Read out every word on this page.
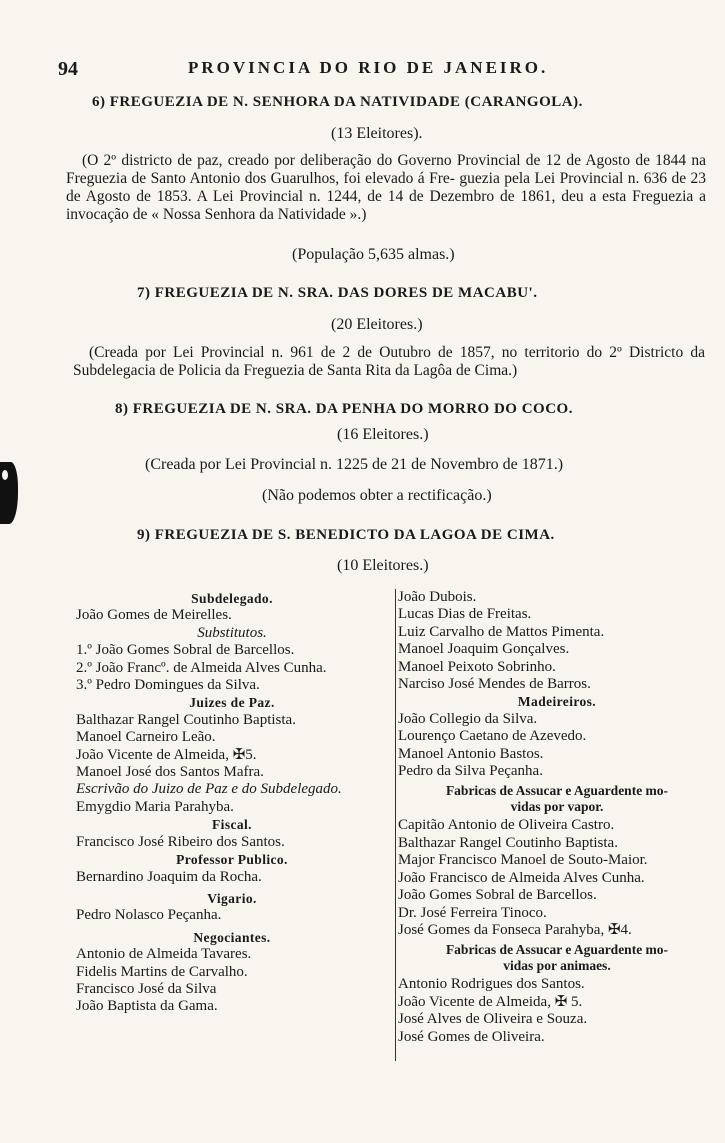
94	PROVINCIA DO RIO DE JANEIRO.
6) FREGUEZIA DE N. SENHORA DA NATIVIDADE (CARANGOLA).
(13 Eleitores).
(O 2º districto de paz, creado por deliberação do Governo Provincial de 12 de Agosto de 1844 na Freguezia de Santo Antonio dos Guarulhos, foi elevado á Fre- guezia pela Lei Provincial n. 636 de 23 de Agosto de 1853. A Lei Provincial n. 1244, de 14 de Dezembro de 1861, deu a esta Freguezia a invocação de « Nossa Senhora da Natividade ».)
(População 5,635 almas.)
7) FREGUEZIA DE N. SRA. DAS DORES DE MACABU'.
(20 Eleitores.)
(Creada por Lei Provincial n. 961 de 2 de Outubro de 1857, no territorio do 2º Districto da Subdelegacia de Policia da Freguezia de Santa Rita da Lagôa de Cima.)
8) FREGUEZIA DE N. SRA. DA PENHA DO MORRO DO COCO.
(16 Eleitores.)
(Creada por Lei Provincial n. 1225 de 21 de Novembro de 1871.)
(Não podemos obter a rectificação.)
9) FREGUEZIA DE S. BENEDICTO DA LAGOA DE CIMA.
(10 Eleitores.)
Subdelegado.
João Gomes de Meirelles.
Substitutos.
1.º João Gomes Sobral de Barcellos.
2.º João Francº. de Almeida Alves Cunha.
3.º Pedro Domingues da Silva.
Juizes de Paz.
Balthazar Rangel Coutinho Baptista.
Manoel Carneiro Leão.
João Vicente de Almeida, ✠5.
Manoel José dos Santos Mafra.
Escrivão do Juizo de Paz e do Subdelegado.
Emygdio Maria Parahyba.
Fiscal.
Francisco José Ribeiro dos Santos.
Professor Publico.
Bernardino Joaquim da Rocha.
Vigario.
Pedro Nolasco Peçanha.
Negociantes.
Antonio de Almeida Tavares.
Fidelis Martins de Carvalho.
Francisco José da Silva
João Baptista da Gama.
João Dubois.
Lucas Dias de Freitas.
Luiz Carvalho de Mattos Pimenta.
Manoel Joaquim Gonçalves.
Manoel Peixoto Sobrinho.
Narciso José Mendes de Barros.
Madeireiros.
João Collegio da Silva.
Lourenço Caetano de Azevedo.
Manoel Antonio Bastos.
Pedro da Silva Peçanha.
Fabricas de Assucar e Aguardente mo-
vidas por vapor.
Capitão Antonio de Oliveira Castro.
Balthazar Rangel Coutinho Baptista.
Major Francisco Manoel de Souto-Maior.
João Francisco de Almeida Alves Cunha.
João Gomes Sobral de Barcellos.
Dr. José Ferreira Tinoco.
José Gomes da Fonseca Parahyba, ✠4.
Fabricas de Assucar e Aguardente mo-
vidas por animaes.
Antonio Rodrigues dos Santos.
João Vicente de Almeida, ✠ 5.
José Alves de Oliveira e Souza.
José Gomes de Oliveira.
